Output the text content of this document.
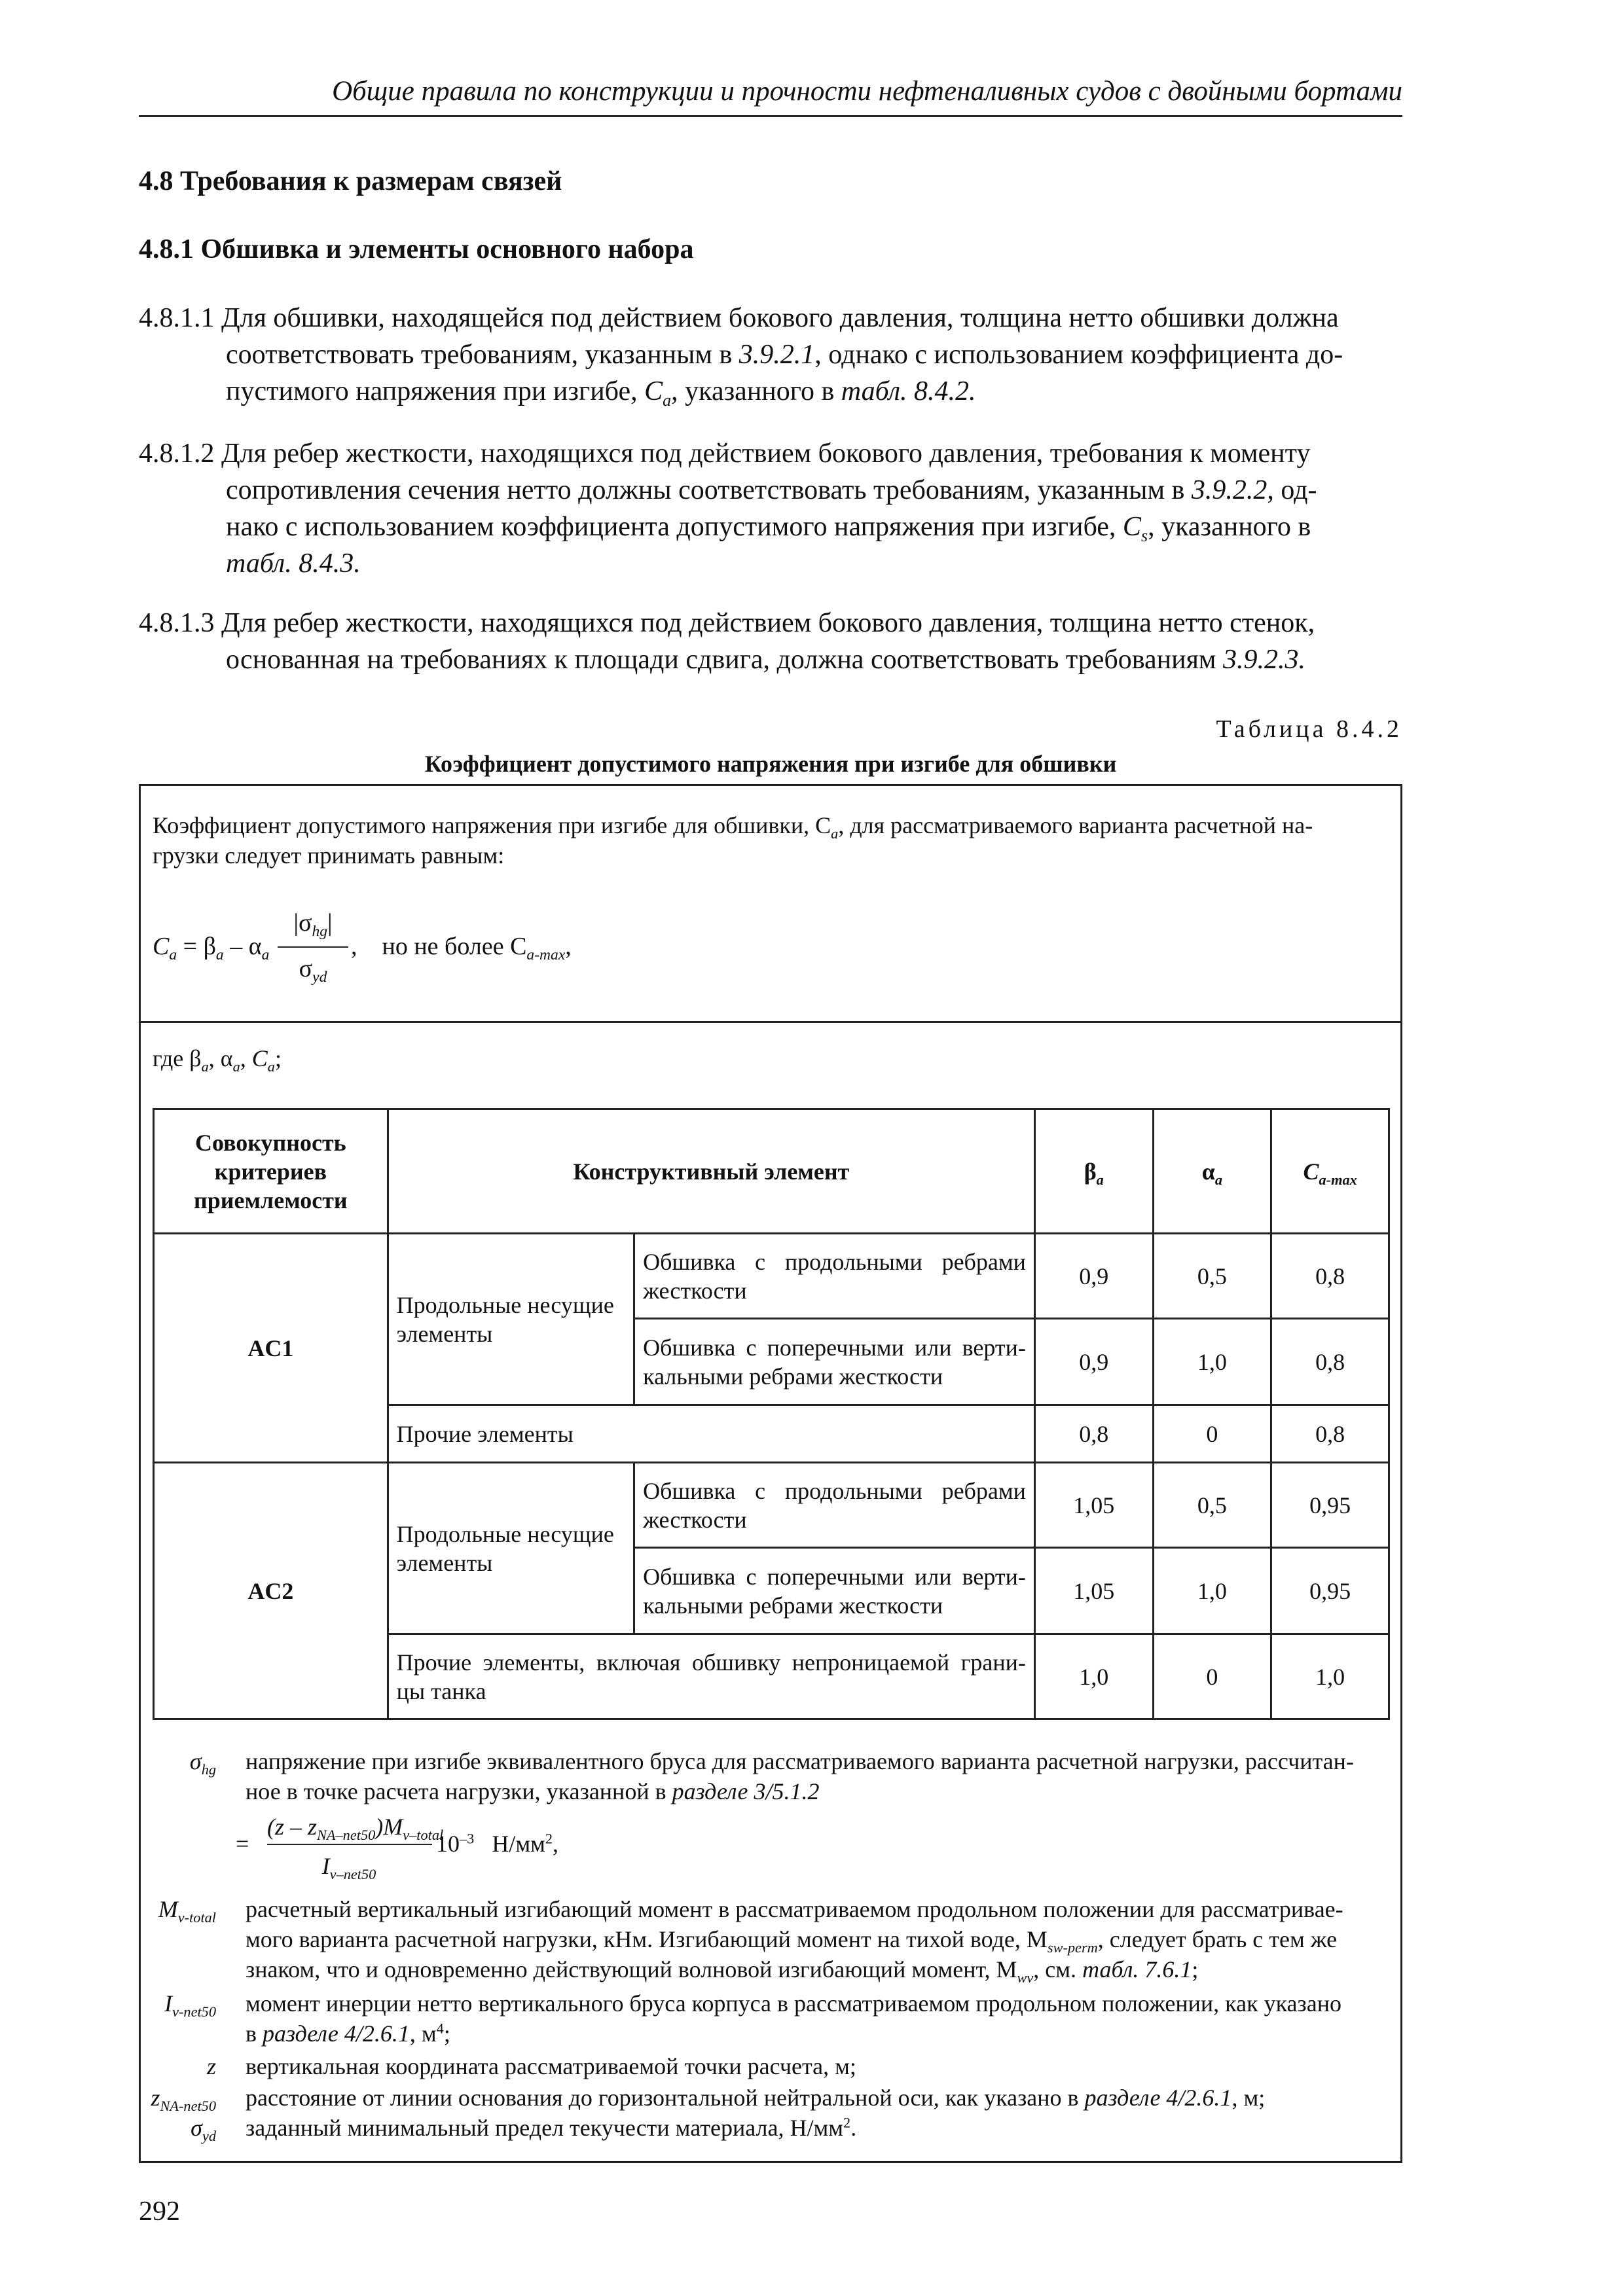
Общие правила по конструкции и прочности нефтеналивных судов с двойными бортами
4.8 Требования к размерам связей
4.8.1 Обшивка и элементы основного набора
4.8.1.1 Для обшивки, находящейся под действием бокового давления, толщина нетто обшивки должна
соответствовать требованиям, указанным в 3.9.2.1, однако с использованием коэффициента до-
пустимого напряжения при изгибе, $C_a$, указанного в табл. 8.4.2.
4.8.1.2 Для ребер жесткости, находящихся под действием бокового давления, требования к моменту
сопротивления сечения нетто должны соответствовать требованиям, указанным в 3.9.2.2, од-
нако с использованием коэффициента допустимого напряжения при изгибе, $C_s$, указанного в
табл. 8.4.3.
4.8.1.3 Для ребер жесткости, находящихся под действием бокового давления, толщина нетто стенок,
основанная на требованиях к площади сдвига, должна соответствовать требованиям 3.9.2.3.
Таблица 8.4.2
Коэффициент допустимого напряжения при изгибе для обшивки
Коэффициент допустимого напряжения при изгибе для обшивки, $C_a$, для рассматриваемого варианта расчетной на-
грузки следует принимать равным:
$C_a = \beta_a - \alpha_a$
$|\sigma_{hg}|$
$\sigma_{yd}$
,    но не более $C_{a-max}$,
где $\beta_a$, $\alpha_a$, $C_a$;
Совокупность критериев приемлемости	Конструктивный элемент		$\beta_a$	$\alpha_a$	$C_{a-max}$
AC1	Продольные несущие элементы	Обшивка с продольными ребрами жесткости	0,9	0,5	0,8
		Обшивка с поперечными или верти-кальными ребрами жесткости	0,9	1,0	0,8
	Прочие элементы		0,8	0	0,8
AC2	Продольные несущие элементы	Обшивка с продольными ребрами жесткости	1,05	0,5	0,95
		Обшивка с поперечными или верти-кальными ребрами жесткости	1,05	1,0	0,95
	Прочие элементы, включая обшивку непроницаемой грани-цы танка		1,0	0	1,0
$\sigma_{hg}$ напряжение при изгибе эквивалентного бруса для рассматриваемого варианта расчетной нагрузки, рассчитан-
ное в точке расчета нагрузки, указанной в разделе 3/5.1.2
=
$(z - z_{NA-net50})M_{v-total}$
$I_{v-net50}$
$10^{-3}$ $Н/мм^2$,
$M_{v-total}$ расчетный вертикальный изгибающий момент в рассматриваемом продольном положении для рассматривае-
мого варианта расчетной нагрузки, кНм. Изгибающий момент на тихой воде, $M_{sw-perm}$, следует брать с тем же
знаком, что и одновременно действующий волновой изгибающий момент, $M_{wv}$, см. табл. 7.6.1;
$I_{v-net50}$ момент инерции нетто вертикального бруса корпуса в рассматриваемом продольном положении, как указано
в разделе 4/2.6.1, $м^4$;
z вертикальная координата рассматриваемой точки расчета, м;
$z_{NA-net50}$ расстояние от линии основания до горизонтальной нейтральной оси, как указано в разделе 4/2.6.1, м;
$\sigma_{yd}$ заданный минимальный предел текучести материала, $Н/мм^2$.
292
